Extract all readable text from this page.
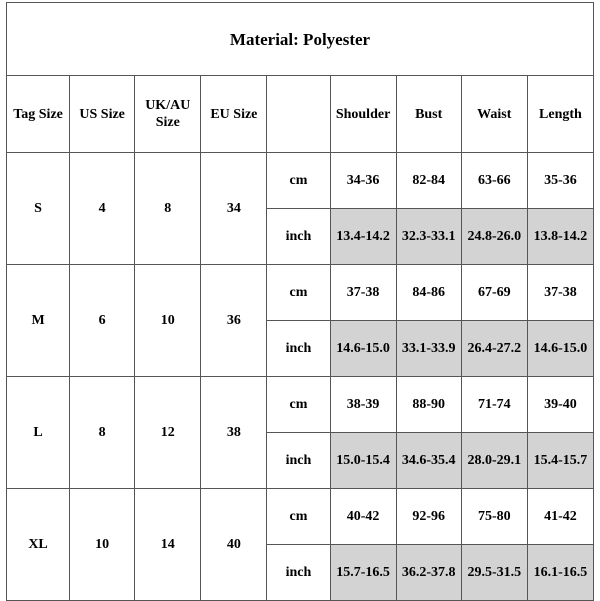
Material: Polyester								
Tag Size	US Size	UK/AU Size	EU Size		Shoulder	Bust	Waist	Length
S	4	8	34	cm	34-36	82-84	63-66	35-36
				inch	13.4-14.2	32.3-33.1	24.8-26.0	13.8-14.2
M	6	10	36	cm	37-38	84-86	67-69	37-38
				inch	14.6-15.0	33.1-33.9	26.4-27.2	14.6-15.0
L	8	12	38	cm	38-39	88-90	71-74	39-40
				inch	15.0-15.4	34.6-35.4	28.0-29.1	15.4-15.7
XL	10	14	40	cm	40-42	92-96	75-80	41-42
				inch	15.7-16.5	36.2-37.8	29.5-31.5	16.1-16.5
